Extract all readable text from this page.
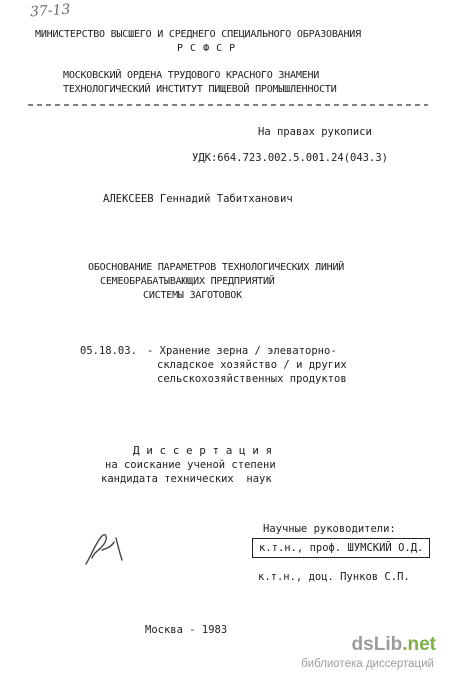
37-13
МИНИСТЕРСТВО ВЫСШЕГО И СРЕДНЕГО СПЕЦИАЛЬНОГО ОБРАЗОВАНИЯ
Р С Ф С Р
МОСКОВСКИЙ ОРДЕНА ТРУДОВОГО КРАСНОГО ЗНАМЕНИ
ТЕХНОЛОГИЧЕСКИЙ ИНСТИТУТ ПИЩЕВОЙ ПРОМЫШЛЕННОСТИ
На правах рукописи
УДК:664.723.002.5.001.24(043.3)
АЛЕКСЕЕВ Геннадий Табитханович
ОБОСНОВАНИЕ ПАРАМЕТРОВ ТЕХНОЛОГИЧЕСКИХ ЛИНИЙ
СЕМЕОБРАБАТЫВАЮЩИХ ПРЕДПРИЯТИЙ
СИСТЕМЫ ЗАГОТОВОК
05.18.03. - Хранение зерна / элеваторно-
складское хозяйство / и других
сельскохозяйственных продуктов
Д и с с е р т а ц и я
на соискание ученой степени
кандидата технических  наук
Научные руководители:
к.т.н., проф. ШУМСКИЙ О.Д.
к.т.н., доц. Пунков С.П.
Москва - 1983
dsLib.net
библиотека диссертаций
